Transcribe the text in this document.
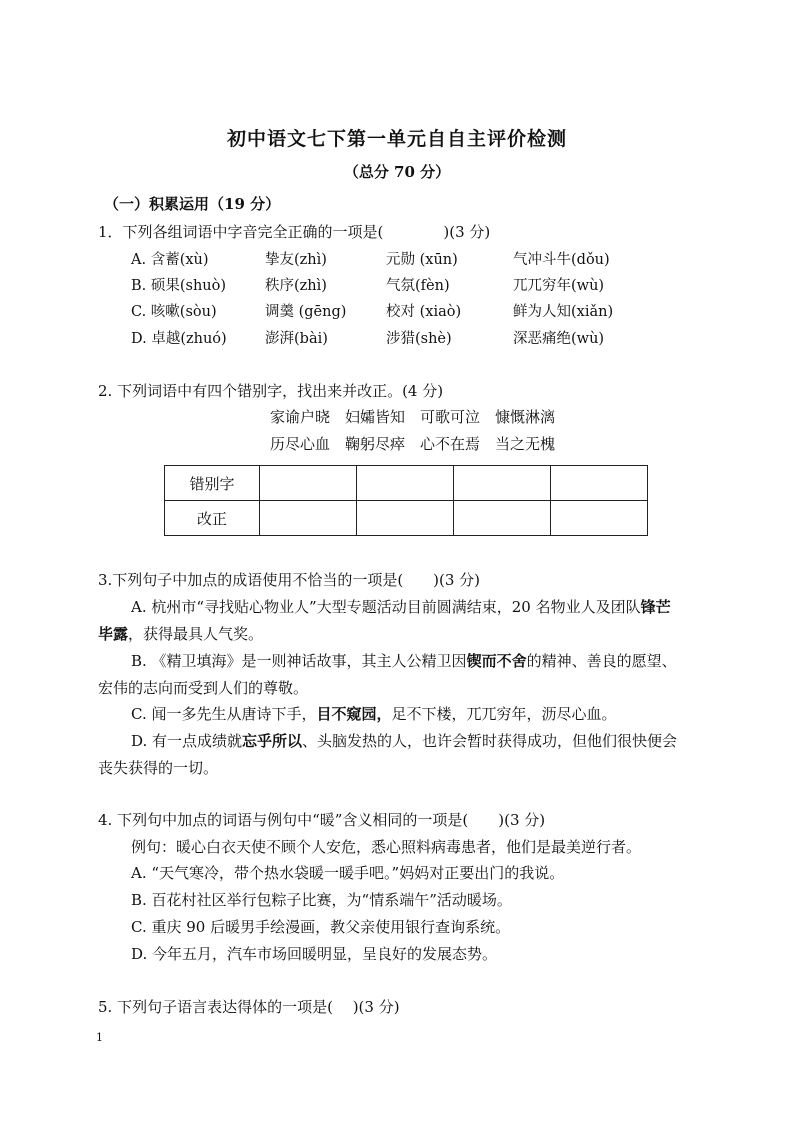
初中语文七下第一单元自自主评价检测
（总分 70 分）
（一）积累运用（19 分）
1．下列各组词语中字音完全正确的一项是(　　　　)(3 分)
A. 含蓄(xù)	挚友(zhì)	元勋 (xūn)	气冲斗牛(dǒu)
B. 硕果(shuò)	秩序(zhì)	气氛(fèn)	兀兀穷年(wù)
C. 咳嗽(sòu)	调羹 (gēng)	校对 (xiaò)	鲜为人知(xiǎn)
D. 卓越(zhuó)	澎湃(bài)	涉猎(shè)	深恶痛绝(wù)
2. 下列词语中有四个错别字，找出来并改正。(4 分)
家谕户晓　妇孀皆知　可歌可泣　慷慨淋漓
历尽心血　鞠躬尽瘁　心不在焉　当之无槐
错别字				
改正				
3.下列句子中加点的成语使用不恰当的一项是(　　)(3 分)
A. 杭州市“寻找贴心物业人”大型专题活动目前圆满结束，20 名物业人及团队锋芒
毕露，获得最具人气奖。
B. 《精卫填海》是一则神话故事，其主人公精卫因锲而不舍的精神、善良的愿望、
宏伟的志向而受到人们的尊敬。
C. 闻一多先生从唐诗下手，目不窥园，足不下楼，兀兀穷年，沥尽心血。
D. 有一点成绩就忘乎所以、头脑发热的人，也许会暂时获得成功，但他们很快便会
丧失获得的一切。
4. 下列句中加点的词语与例句中“暖”含义相同的一项是(　　)(3 分)
例句：暖心白衣天使不顾个人安危，悉心照料病毒患者，他们是最美逆行者。
A. “天气寒冷，带个热水袋暖一暖手吧。”妈妈对正要出门的我说。
B. 百花村社区举行包粽子比赛，为“情系端午”活动暖场。
C. 重庆 90 后暖男手绘漫画，教父亲使用银行查询系统。
D. 今年五月，汽车市场回暖明显，呈良好的发展态势。
5. 下列句子语言表达得体的一项是(　 )(3 分)
1
